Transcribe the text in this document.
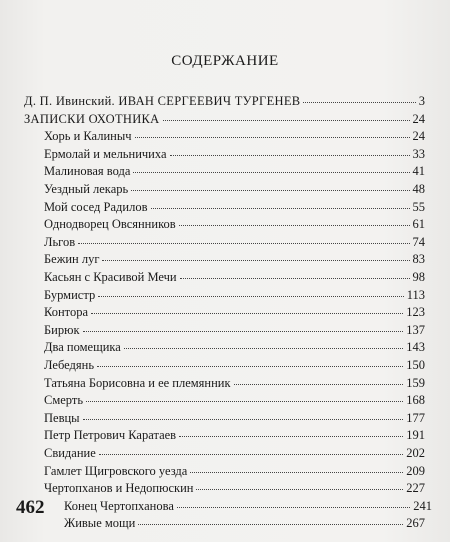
СОДЕРЖАНИЕ
Д. П. Ивинский. ИВАН СЕРГЕЕВИЧ ТУРГЕНЕВ	3
ЗАПИСКИ ОХОТНИКА	24
Хорь и Калиныч	24
Ермолай и мельничиха	33
Малиновая вода	41
Уездный лекарь	48
Мой сосед Радилов	55
Однодворец Овсянников	61
Льгов	74
Бежин луг	83
Касьян с Красивой Мечи	98
Бурмистр	113
Контора	123
Бирюк	137
Два помещика	143
Лебедянь	150
Татьяна Борисовна и ее племянник	159
Смерть	168
Певцы	177
Петр Петрович Каратаев	191
Свидание	202
Гамлет Щигровского уезда	209
Чертопханов и Недопюскин	227
Конец Чертопханова	241
Живые мощи	267
462
